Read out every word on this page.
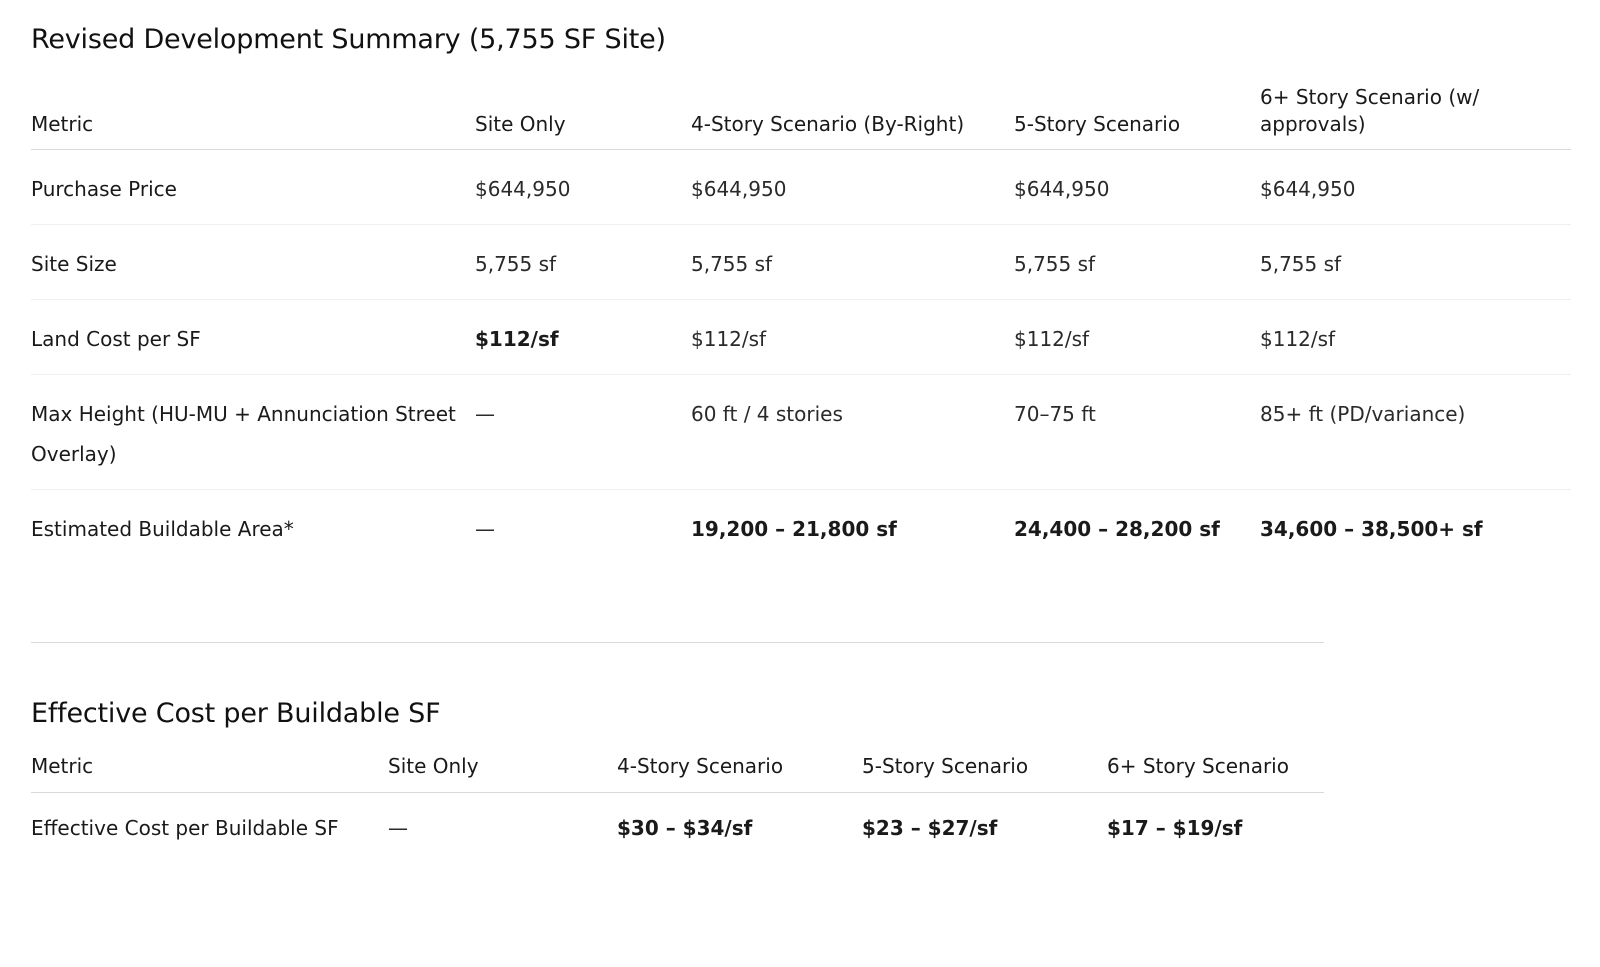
Revised Development Summary (5,755 SF Site)
Metric	Site Only	4-Story Scenario (By-Right)	5-Story Scenario	6+ Story Scenario (w/ approvals)
Purchase Price	$644,950	$644,950	$644,950	$644,950
Site Size	5,755 sf	5,755 sf	5,755 sf	5,755 sf
Land Cost per SF	$112/sf	$112/sf	$112/sf	$112/sf
Max Height (HU-MU + Annunciation Street Overlay)	—	60 ft / 4 stories	70–75 ft	85+ ft (PD/variance)
Estimated Buildable Area*	—	19,200 – 21,800 sf	24,400 – 28,200 sf	34,600 – 38,500+ sf
Effective Cost per Buildable SF
Metric	Site Only	4-Story Scenario	5-Story Scenario	6+ Story Scenario
Effective Cost per Buildable SF	—	$30 – $34/sf	$23 – $27/sf	$17 – $19/sf
